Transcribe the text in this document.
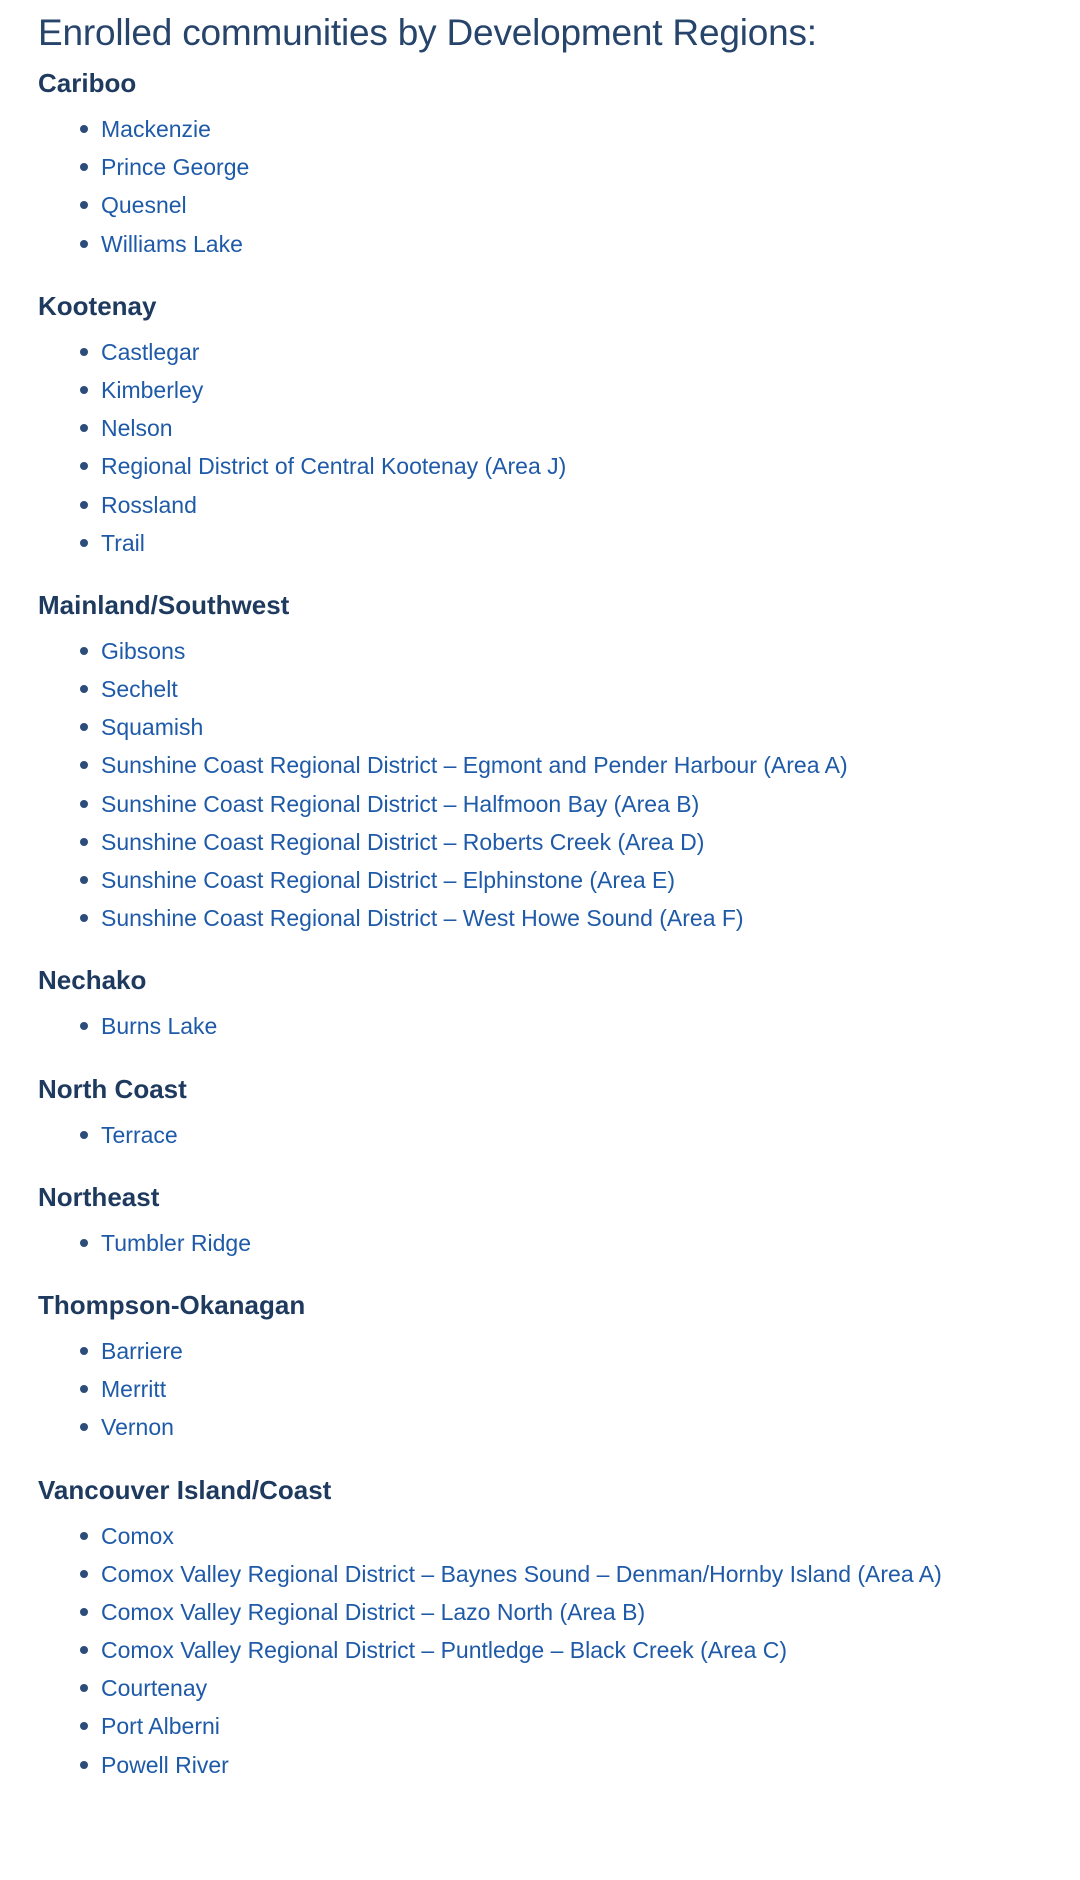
Enrolled communities by Development Regions:
Cariboo
Mackenzie
Prince George
Quesnel
Williams Lake
Kootenay
Castlegar
Kimberley
Nelson
Regional District of Central Kootenay (Area J)
Rossland
Trail
Mainland/Southwest
Gibsons
Sechelt
Squamish
Sunshine Coast Regional District – Egmont and Pender Harbour (Area A)
Sunshine Coast Regional District – Halfmoon Bay (Area B)
Sunshine Coast Regional District – Roberts Creek (Area D)
Sunshine Coast Regional District – Elphinstone (Area E)
Sunshine Coast Regional District – West Howe Sound (Area F)
Nechako
Burns Lake
North Coast
Terrace
Northeast
Tumbler Ridge
Thompson-Okanagan
Barriere
Merritt
Vernon
Vancouver Island/Coast
Comox
Comox Valley Regional District – Baynes Sound – Denman/Hornby Island (Area A)
Comox Valley Regional District – Lazo North (Area B)
Comox Valley Regional District – Puntledge – Black Creek (Area C)
Courtenay
Port Alberni
Powell River
